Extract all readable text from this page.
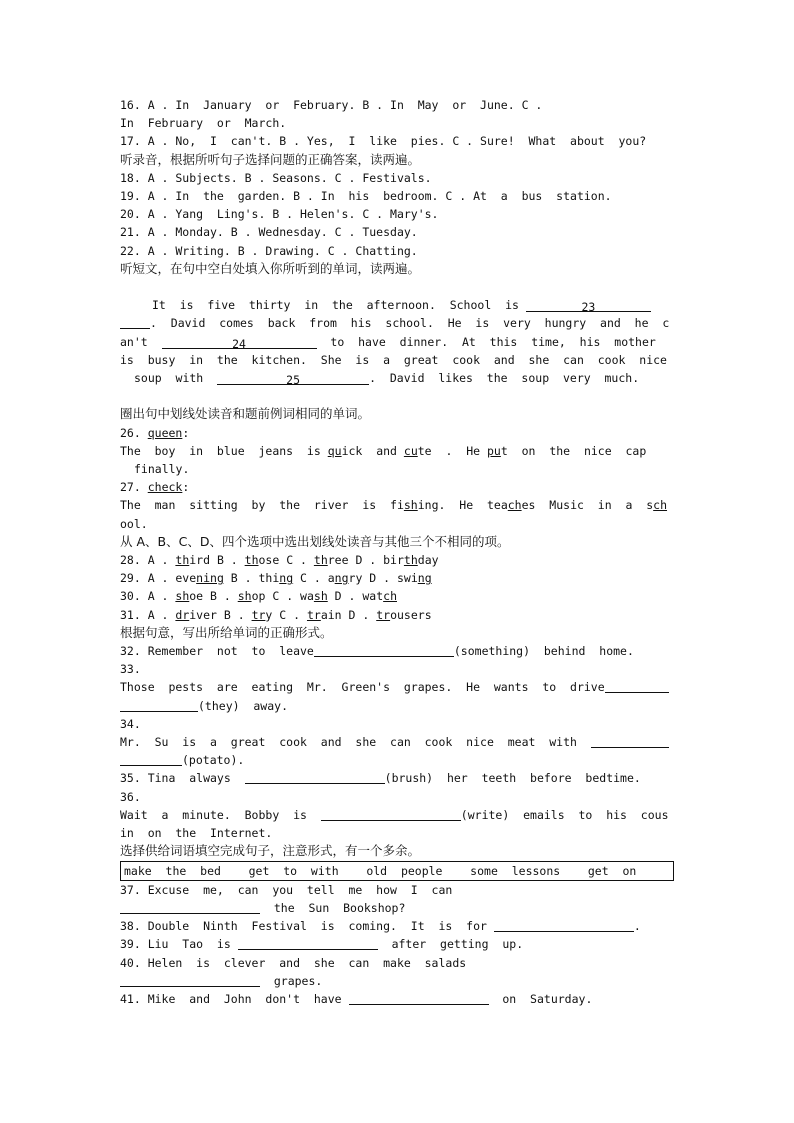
16. A . In  January  or  February. B . In  May  or  June. C .
In  February  or  March.
17. A . No,  I  can't. B . Yes,  I  like  pies. C . Sure!  What  about  you?
听录音，根据所听句子选择问题的正确答案，读两遍。
18. A . Subjects. B . Seasons. C . Festivals.
19. A . In  the  garden. B . In  his  bedroom. C . At  a  bus  station.
20. A . Yang  Ling's. B . Helen's. C . Mary's.
21. A . Monday. B . Wednesday. C . Tuesday.
22. A . Writing. B . Drawing. C . Chatting.
听短文，在句中空白处填入你所听到的单词，读两遍。
It  is  five  thirty  in  the  afternoon.  School  is	23
.  David  comes  back  from  his  school.  He  is  very  hungry  and  he  c
an't	24	to  have  dinner.  At  this  time,  his  mother
is  busy  in  the  kitchen.  She  is  a  great  cook  and  she  can  cook  nice
soup  with	25	.  David  likes  the  soup  very  much.
圈出句中划线处读音和题前例词相同的单词。
26. queen:
The  boy  in  blue  jeans  is quick  and cute  .  He put  on  the  nice  cap
finally.
27. check:
The  man  sitting  by  the  river  is  fishing.  He  teaches  Music  in  a  sch
ool.
从 A、B、C、D、四个选项中选出划线处读音与其他三个不相同的项。
28. A . third B . those C . three D . birthday
29. A . evening B . thing C . angry D . swing
30. A . shoe B . shop C . wash D . watch
31. A . driver B . try C . train D . trousers
根据句意，写出所给单词的正确形式。
32. Remember  not  to  leave	(something)  behind  home.
33.
Those  pests  are  eating  Mr.  Green's  grapes.  He  wants  to  drive
(they)  away.
34.
Mr.  Su  is  a  great  cook  and  she  can  cook  nice  meat  with
(potato).
35. Tina  always	(brush)  her  teeth  before  bedtime.
36.
Wait  a  minute.  Bobby  is	(write)  emails  to  his  cous
in  on  the  Internet.
选择供给词语填空完成句子，注意形式，有一个多余。
make  the  bed    get  to  with    old  people    some  lessons    get  on
37. Excuse  me,  can  you  tell  me  how  I  can
the  Sun  Bookshop?
38. Double  Ninth  Festival  is  coming.  It  is  for	.
39. Liu  Tao  is	after  getting  up.
40. Helen  is  clever  and  she  can  make  salads
grapes.
41. Mike  and  John  don't  have	on  Saturday.
